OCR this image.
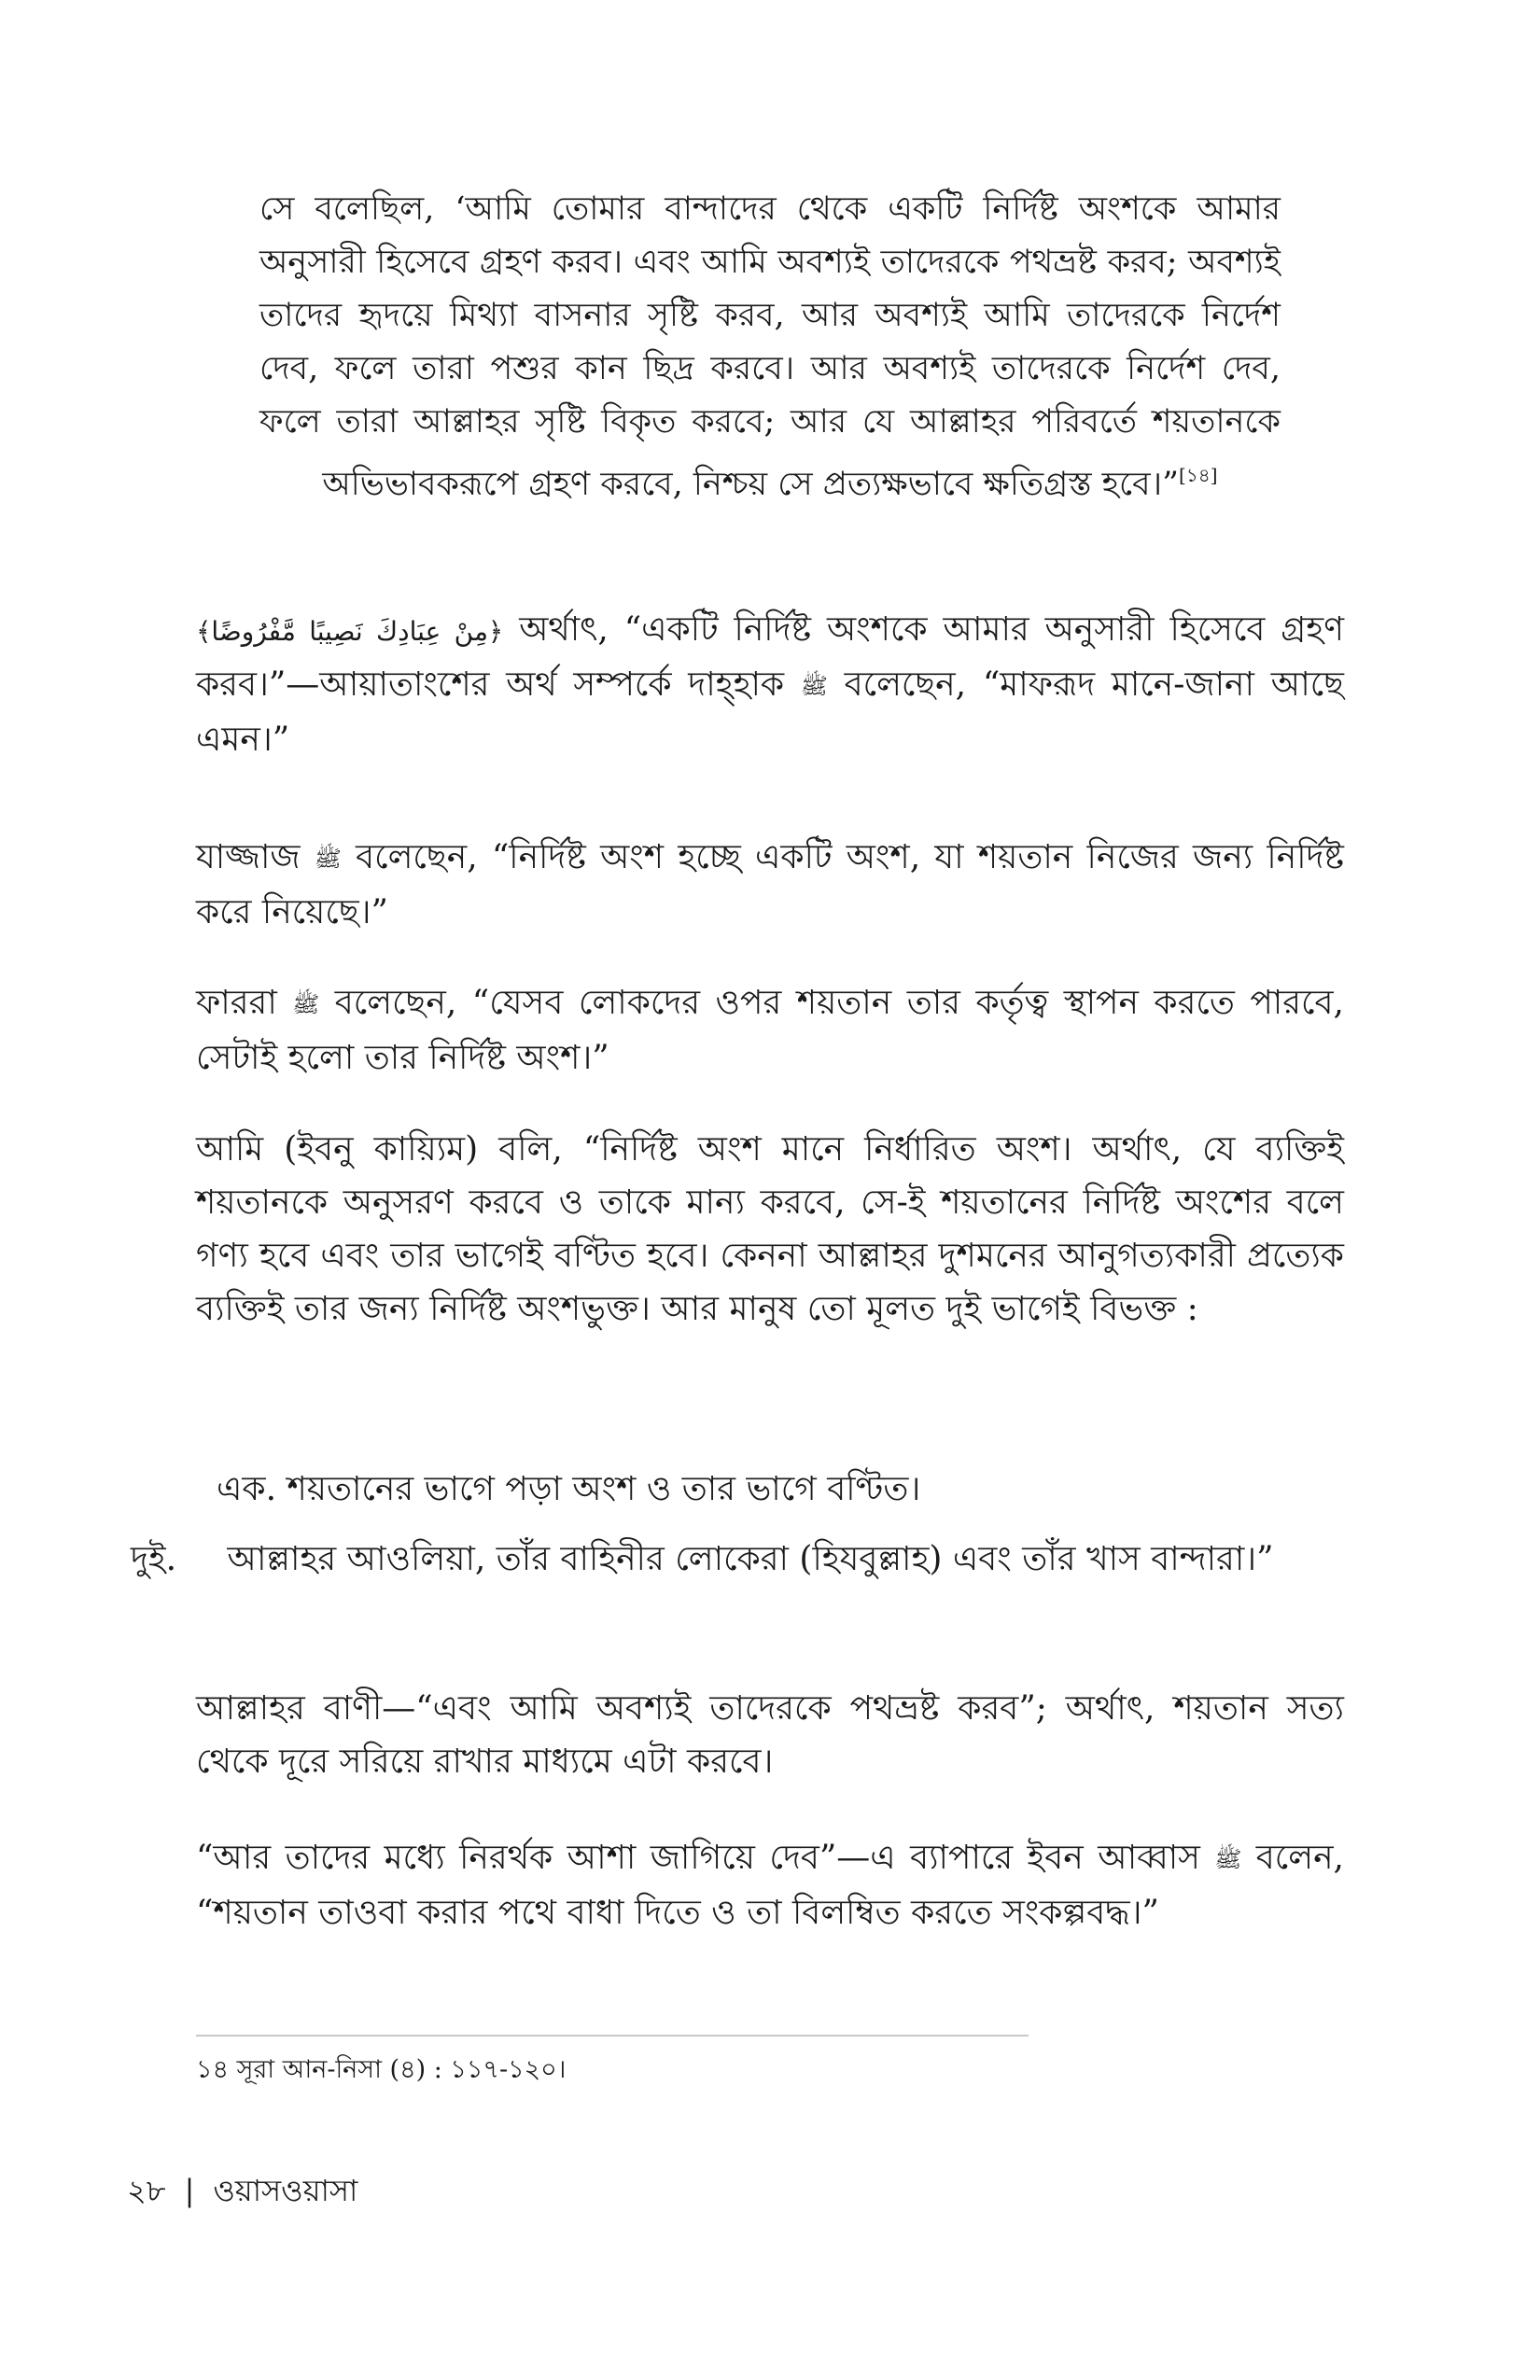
সে বলেছিল, ‘আমি তোমার বান্দাদের থেকে একটি নির্দিষ্ট অংশকে আমার অনুসারী হিসেবে গ্রহণ করব। এবং আমি অবশ্যই তাদেরকে পথভ্রষ্ট করব; অবশ্যই তাদের হৃদয়ে মিথ্যা বাসনার সৃষ্টি করব, আর অবশ্যই আমি তাদেরকে নির্দেশ দেব, ফলে তারা পশুর কান ছিদ্র করবে। আর অবশ্যই তাদেরকে নির্দেশ দেব, ফলে তারা আল্লাহর সৃষ্টি বিকৃত করবে; আর যে আল্লাহর পরিবর্তে শয়তানকে অভিভাবকরূপে গ্রহণ করবে, নিশ্চয় সে প্রত্যক্ষভাবে ক্ষতিগ্রস্ত হবে।”[১৪]

﴿مِنْ عِبَادِكَ نَصِيبًا مَّفْرُوضًا﴾ অর্থাৎ, “একটি নির্দিষ্ট অংশকে আমার অনুসারী হিসেবে গ্রহণ করব।”—আয়াতাংশের অর্থ সম্পর্কে দাহ্হাক ﷺ বলেছেন, “মাফরূদ মানে-জানা আছে এমন।”

যাজ্জাজ ﷺ বলেছেন, “নির্দিষ্ট অংশ হচ্ছে একটি অংশ, যা শয়তান নিজের জন্য নির্দিষ্ট করে নিয়েছে।”

ফাররা ﷺ বলেছেন, “যেসব লোকদের ওপর শয়তান তার কর্তৃত্ব স্থাপন করতে পারবে, সেটাই হলো তার নির্দিষ্ট অংশ।”

আমি (ইবনু কায়্যিম) বলি, “নির্দিষ্ট অংশ মানে নির্ধারিত অংশ। অর্থাৎ, যে ব্যক্তিই শয়তানকে অনুসরণ করবে ও তাকে মান্য করবে, সে-ই শয়তানের নির্দিষ্ট অংশের বলে গণ্য হবে এবং তার ভাগেই বণ্টিত হবে। কেননা আল্লাহর দুশমনের আনুগত্যকারী প্রত্যেক ব্যক্তিই তার জন্য নির্দিষ্ট অংশভুক্ত। আর মানুষ তো মূলত দুই ভাগেই বিভক্ত :

এক. শয়তানের ভাগে পড়া অংশ ও তার ভাগে বণ্টিত।

দুই. আল্লাহর আওলিয়া, তাঁর বাহিনীর লোকেরা (হিযবুল্লাহ) এবং তাঁর খাস বান্দারা।”

আল্লাহর বাণী—“এবং আমি অবশ্যই তাদেরকে পথভ্রষ্ট করব”; অর্থাৎ, শয়তান সত্য থেকে দূরে সরিয়ে রাখার মাধ্যমে এটা করবে।

“আর তাদের মধ্যে নিরর্থক আশা জাগিয়ে দেব”—এ ব্যাপারে ইবন আব্বাস ﷺ বলেন, “শয়তান তাওবা করার পথে বাধা দিতে ও তা বিলম্বিত করতে সংকল্পবদ্ধ।”

১৪ সূরা আন-নিসা (৪) : ১১৭-১২০।

২৮ | ওয়াসওয়াসা
